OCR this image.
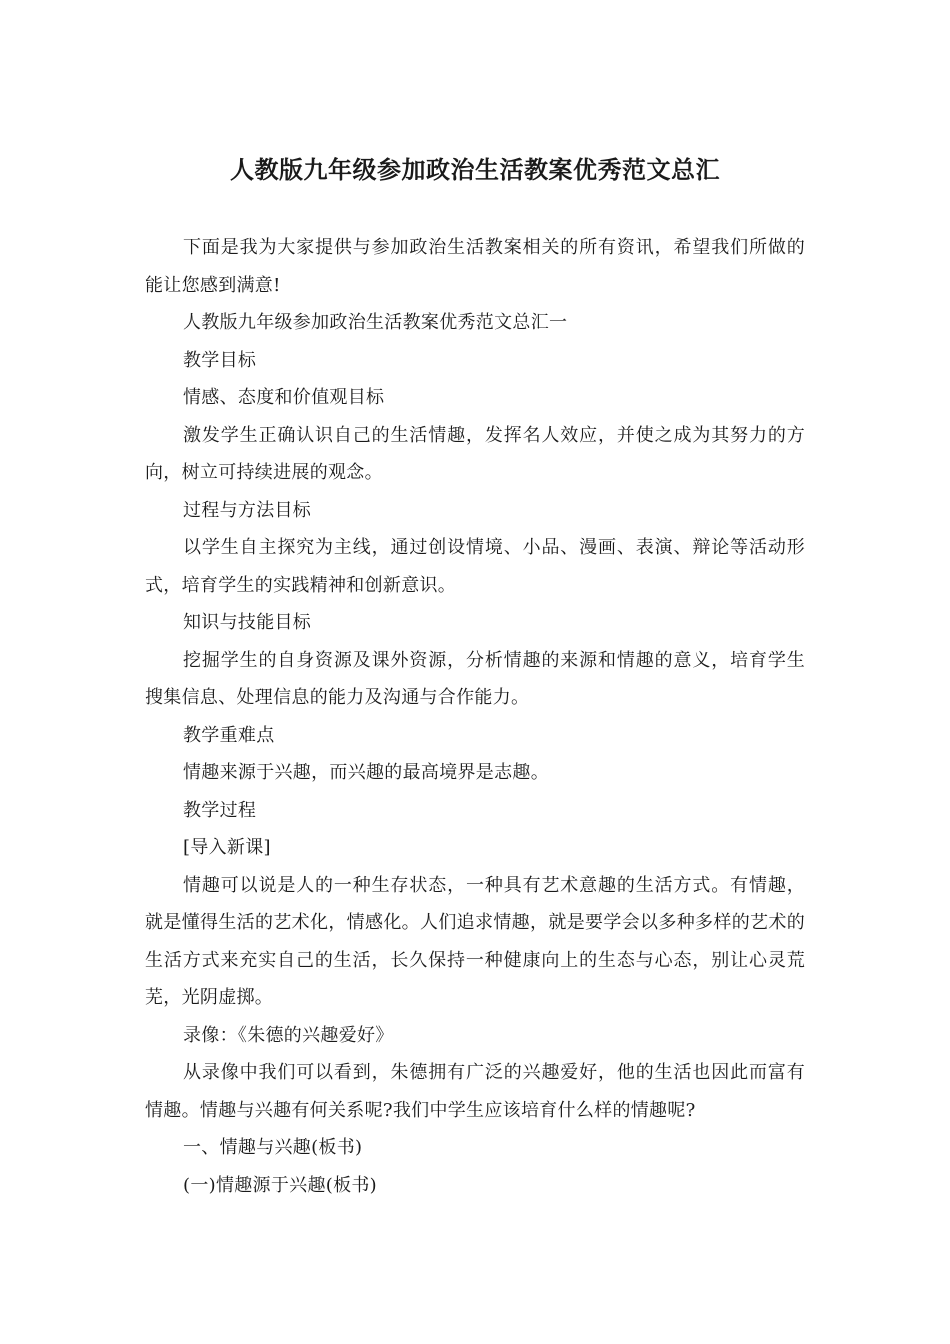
人教版九年级参加政治生活教案优秀范文总汇

下面是我为大家提供与参加政治生活教案相关的所有资讯，希望我们所做的能让您感到满意!

人教版九年级参加政治生活教案优秀范文总汇一

教学目标

情感、态度和价值观目标

激发学生正确认识自己的生活情趣，发挥名人效应，并使之成为其努力的方向，树立可持续进展的观念。

过程与方法目标

以学生自主探究为主线，通过创设情境、小品、漫画、表演、辩论等活动形式，培育学生的实践精神和创新意识。

知识与技能目标

挖掘学生的自身资源及课外资源，分析情趣的来源和情趣的意义，培育学生搜集信息、处理信息的能力及沟通与合作能力。

教学重难点

情趣来源于兴趣，而兴趣的最高境界是志趣。

教学过程

[导入新课]

情趣可以说是人的一种生存状态，一种具有艺术意趣的生活方式。有情趣，就是懂得生活的艺术化，情感化。人们追求情趣，就是要学会以多种多样的艺术的生活方式来充实自己的生活，长久保持一种健康向上的生态与心态，别让心灵荒芜，光阴虚掷。

录像：《朱德的兴趣爱好》

从录像中我们可以看到，朱德拥有广泛的兴趣爱好，他的生活也因此而富有情趣。情趣与兴趣有何关系呢?我们中学生应该培育什么样的情趣呢?

一、情趣与兴趣(板书)

(一)情趣源于兴趣(板书)
